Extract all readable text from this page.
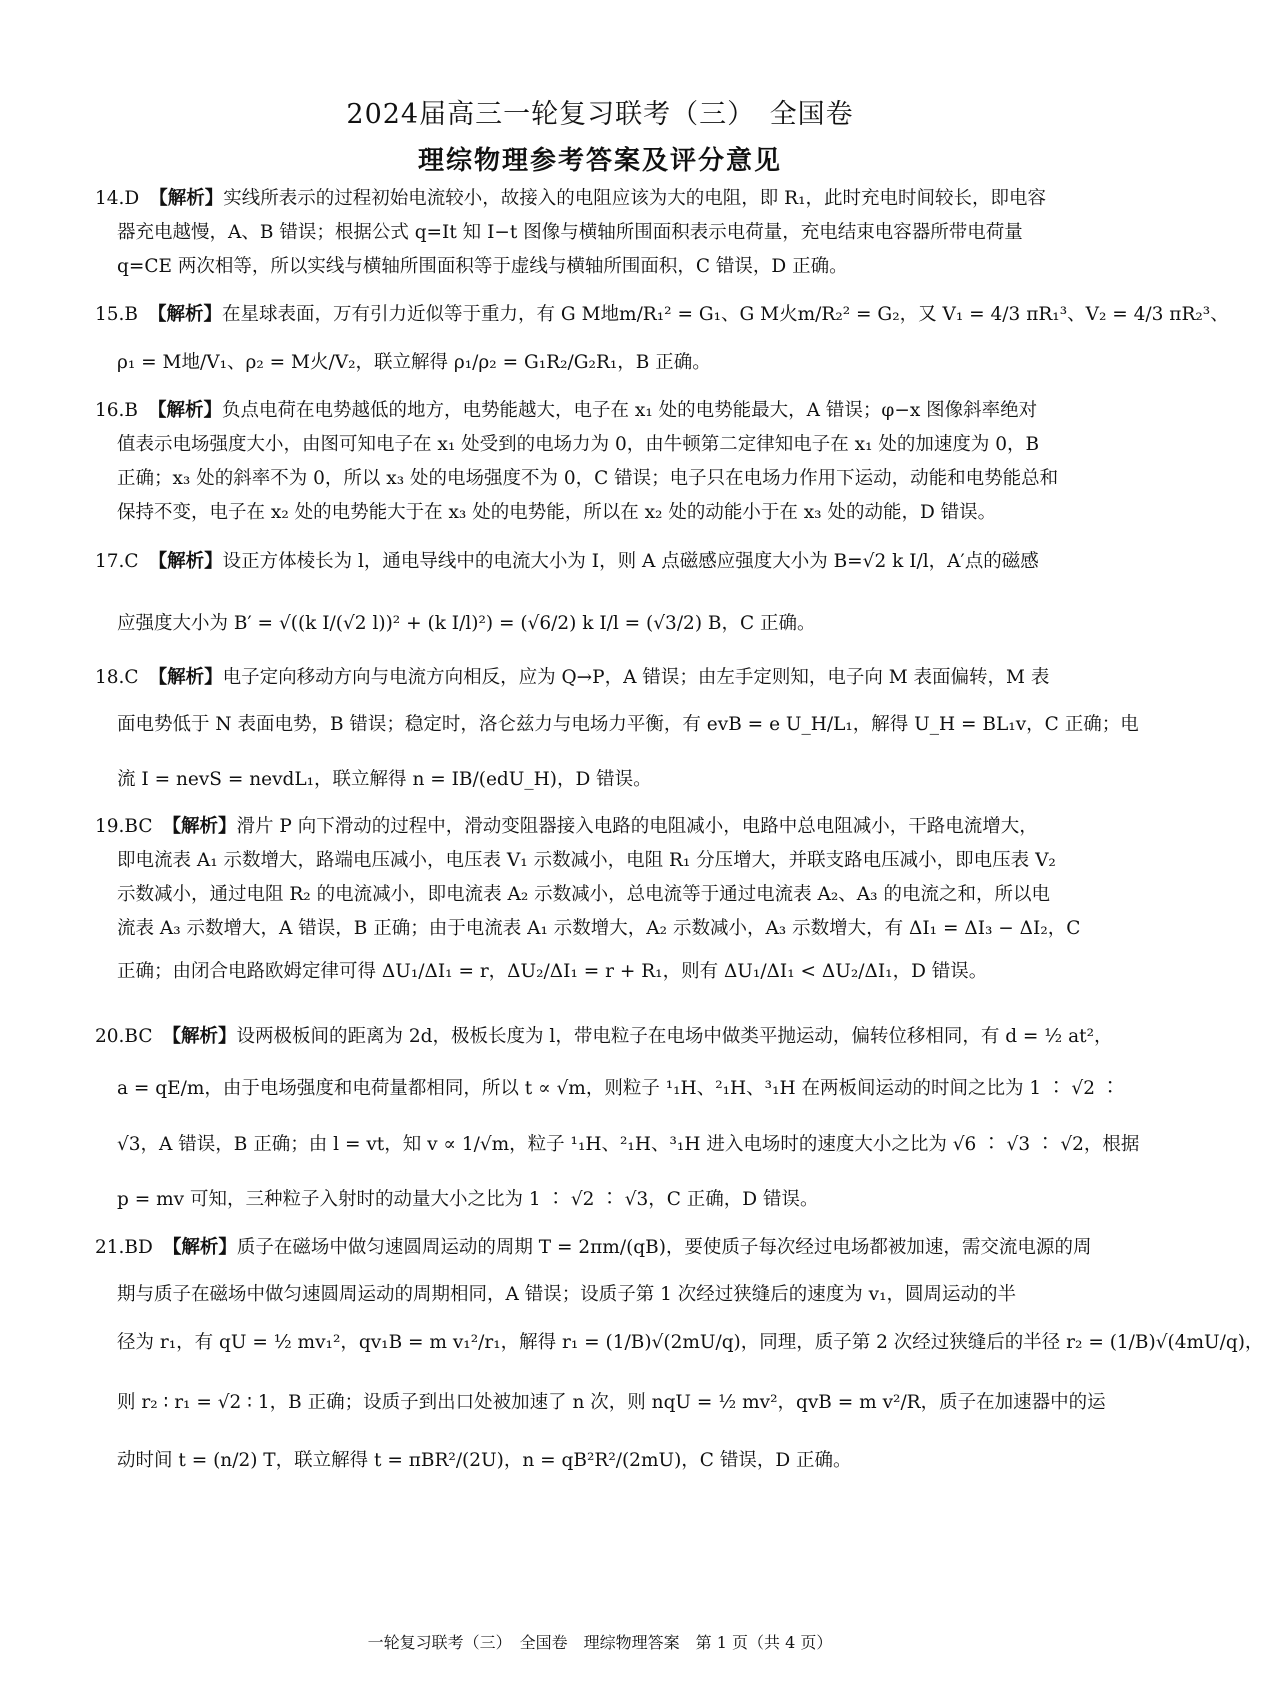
2024届高三一轮复习联考（三）　全国卷
理综物理参考答案及评分意见
14.D 【解析】实线所表示的过程初始电流较小，故接入的电阻应该为大的电阻，即 R₁，此时充电时间较长，即电容
器充电越慢，A、B 错误；根据公式 q=It 知 I−t 图像与横轴所围面积表示电荷量，充电结束电容器所带电荷量
q=CE 两次相等，所以实线与横轴所围面积等于虚线与横轴所围面积，C 错误，D 正确。
15.B 【解析】在星球表面，万有引力近似等于重力，有 G M地m/R₁² = G₁、G M火m/R₂² = G₂，又 V₁ = 4/3 πR₁³、V₂ = 4/3 πR₂³、
ρ₁ = M地/V₁、ρ₂ = M火/V₂，联立解得 ρ₁/ρ₂ = G₁R₂/G₂R₁，B 正确。
16.B 【解析】负点电荷在电势越低的地方，电势能越大，电子在 x₁ 处的电势能最大，A 错误；φ−x 图像斜率绝对
值表示电场强度大小，由图可知电子在 x₁ 处受到的电场力为 0，由牛顿第二定律知电子在 x₁ 处的加速度为 0，B
正确；x₃ 处的斜率不为 0，所以 x₃ 处的电场强度不为 0，C 错误；电子只在电场力作用下运动，动能和电势能总和
保持不变，电子在 x₂ 处的电势能大于在 x₃ 处的电势能，所以在 x₂ 处的动能小于在 x₃ 处的动能，D 错误。
17.C 【解析】设正方体棱长为 l，通电导线中的电流大小为 I，则 A 点磁感应强度大小为 B=√2 k I/l，A′点的磁感
应强度大小为 B′ = √((k I/(√2 l))² + (k I/l)²) = (√6/2) k I/l = (√3/2) B，C 正确。
18.C 【解析】电子定向移动方向与电流方向相反，应为 Q→P，A 错误；由左手定则知，电子向 M 表面偏转，M 表
面电势低于 N 表面电势，B 错误；稳定时，洛仑兹力与电场力平衡，有 evB = e U_H/L₁，解得 U_H = BL₁v，C 正确；电
流 I = nevS = nevdL₁，联立解得 n = IB/(edU_H)，D 错误。
19.BC 【解析】滑片 P 向下滑动的过程中，滑动变阻器接入电路的电阻减小，电路中总电阻减小，干路电流增大，
即电流表 A₁ 示数增大，路端电压减小，电压表 V₁ 示数减小，电阻 R₁ 分压增大，并联支路电压减小，即电压表 V₂
示数减小，通过电阻 R₂ 的电流减小，即电流表 A₂ 示数减小，总电流等于通过电流表 A₂、A₃ 的电流之和，所以电
流表 A₃ 示数增大，A 错误，B 正确；由于电流表 A₁ 示数增大，A₂ 示数减小，A₃ 示数增大，有 ΔI₁ = ΔI₃ − ΔI₂，C
正确；由闭合电路欧姆定律可得 ΔU₁/ΔI₁ = r，ΔU₂/ΔI₁ = r + R₁，则有 ΔU₁/ΔI₁ < ΔU₂/ΔI₁，D 错误。
20.BC 【解析】设两极板间的距离为 2d，极板长度为 l，带电粒子在电场中做类平抛运动，偏转位移相同，有 d = ½ at²，
a = qE/m，由于电场强度和电荷量都相同，所以 t ∝ √m，则粒子 ¹₁H、²₁H、³₁H 在两板间运动的时间之比为 1 ∶ √2 ∶
√3，A 错误，B 正确；由 l = vt，知 v ∝ 1/√m，粒子 ¹₁H、²₁H、³₁H 进入电场时的速度大小之比为 √6 ∶ √3 ∶ √2，根据
p = mv 可知，三种粒子入射时的动量大小之比为 1 ∶ √2 ∶ √3，C 正确，D 错误。
21.BD 【解析】质子在磁场中做匀速圆周运动的周期 T = 2πm/(qB)，要使质子每次经过电场都被加速，需交流电源的周
期与质子在磁场中做匀速圆周运动的周期相同，A 错误；设质子第 1 次经过狭缝后的速度为 v₁，圆周运动的半
径为 r₁，有 qU = ½ mv₁²，qv₁B = m v₁²/r₁，解得 r₁ = (1/B)√(2mU/q)，同理，质子第 2 次经过狭缝后的半径 r₂ = (1/B)√(4mU/q)，
则 r₂ ∶ r₁ = √2 ∶ 1，B 正确；设质子到出口处被加速了 n 次，则 nqU = ½ mv²，qvB = m v²/R，质子在加速器中的运
动时间 t = (n/2) T，联立解得 t = πBR²/(2U)，n = qB²R²/(2mU)，C 错误，D 正确。
一轮复习联考（三）　全国卷　理综物理答案　第 1 页（共 4 页）
